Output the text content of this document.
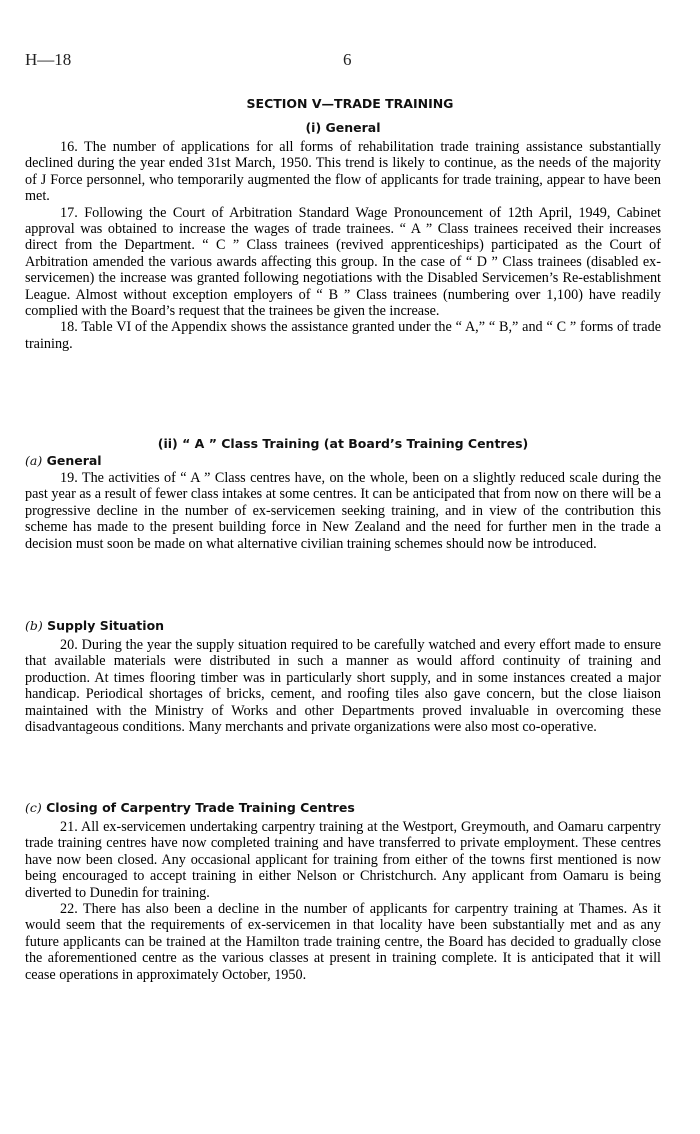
H—18	6
SECTION V—TRADE TRAINING
(i) General

16. The number of applications for all forms of rehabilitation trade training assistance substantially declined during the year ended 31st March, 1950. This trend is likely to continue, as the needs of the majority of J Force personnel, who temporarily augmented the flow of applicants for trade training, appear to have been met.

17. Following the Court of Arbitration Standard Wage Pronouncement of 12th April, 1949, Cabinet approval was obtained to increase the wages of trade trainees. “ A ” Class trainees received their increases direct from the Department. “ C ” Class trainees (revived apprenticeships) participated as the Court of Arbitration amended the various awards affecting this group. In the case of “ D ” Class trainees (disabled ex-servicemen) the increase was granted following negotiations with the Disabled Servicemen’s Re-establishment League. Almost without exception employers of “ B ” Class trainees (numbering over 1,100) have readily complied with the Board’s request that the trainees be given the increase.

18. Table VI of the Appendix shows the assistance granted under the “ A,” “ B,” and “ C ” forms of trade training.

(ii) “ A ” Class Training (at Board’s Training Centres)
(a) General

19. The activities of “ A ” Class centres have, on the whole, been on a slightly reduced scale during the past year as a result of fewer class intakes at some centres. It can be anticipated that from now on there will be a progressive decline in the number of ex-servicemen seeking training, and in view of the contribution this scheme has made to the present building force in New Zealand and the need for further men in the trade a decision must soon be made on what alternative civilian training schemes should now be introduced.

(b) Supply Situation

20. During the year the supply situation required to be carefully watched and every effort made to ensure that available materials were distributed in such a manner as would afford continuity of training and production. At times flooring timber was in particularly short supply, and in some instances created a major handicap. Periodical shortages of bricks, cement, and roofing tiles also gave concern, but the close liaison maintained with the Ministry of Works and other Departments proved invaluable in overcoming these disadvantageous conditions. Many merchants and private organizations were also most co-operative.

(c) Closing of Carpentry Trade Training Centres

21. All ex-servicemen undertaking carpentry training at the Westport, Greymouth, and Oamaru carpentry trade training centres have now completed training and have transferred to private employment. These centres have now been closed. Any occasional applicant for training from either of the towns first mentioned is now being encouraged to accept training in either Nelson or Christchurch. Any applicant from Oamaru is being diverted to Dunedin for training.

22. There has also been a decline in the number of applicants for carpentry training at Thames. As it would seem that the requirements of ex-servicemen in that locality have been substantially met and as any future applicants can be trained at the Hamilton trade training centre, the Board has decided to gradually close the aforementioned centre as the various classes at present in training complete. It is anticipated that it will cease operations in approximately October, 1950.
